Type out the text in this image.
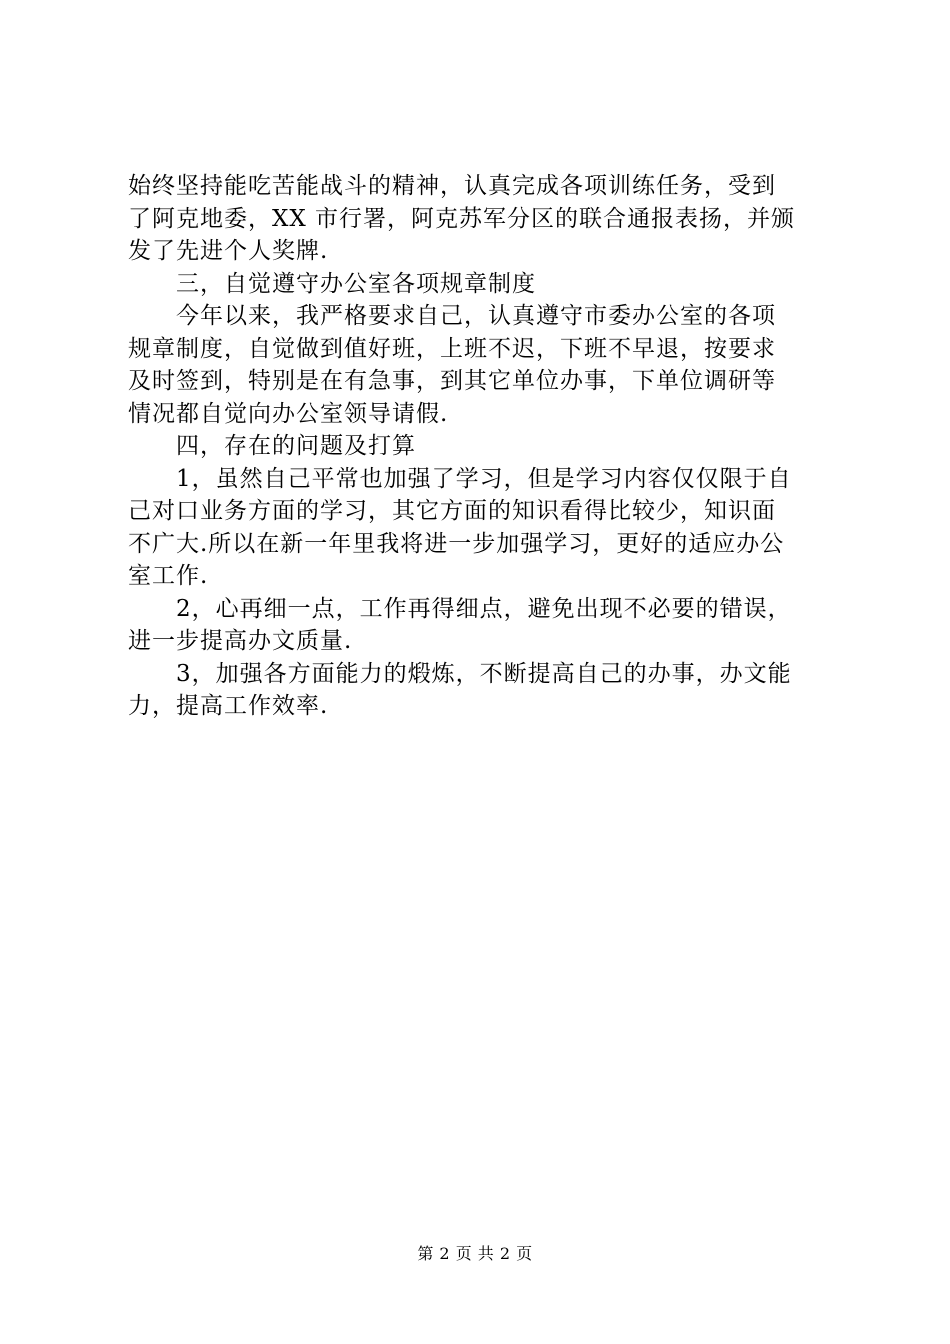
始终坚持能吃苦能战斗的精神，认真完成各项训练任务，受到
了阿克地委，XX 市行署，阿克苏军分区的联合通报表扬，并颁
发了先进个人奖牌.
三，自觉遵守办公室各项规章制度
今年以来，我严格要求自己，认真遵守市委办公室的各项
规章制度，自觉做到值好班，上班不迟，下班不早退，按要求
及时签到，特别是在有急事，到其它单位办事，下单位调研等
情况都自觉向办公室领导请假.
四，存在的问题及打算
1，虽然自己平常也加强了学习，但是学习内容仅仅限于自
己对口业务方面的学习，其它方面的知识看得比较少，知识面
不广大.所以在新一年里我将进一步加强学习，更好的适应办公
室工作.
2，心再细一点，工作再得细点，避免出现不必要的错误，
进一步提高办文质量.
3，加强各方面能力的煅炼，不断提高自己的办事，办文能
力，提高工作效率.
第 2 页 共 2 页
